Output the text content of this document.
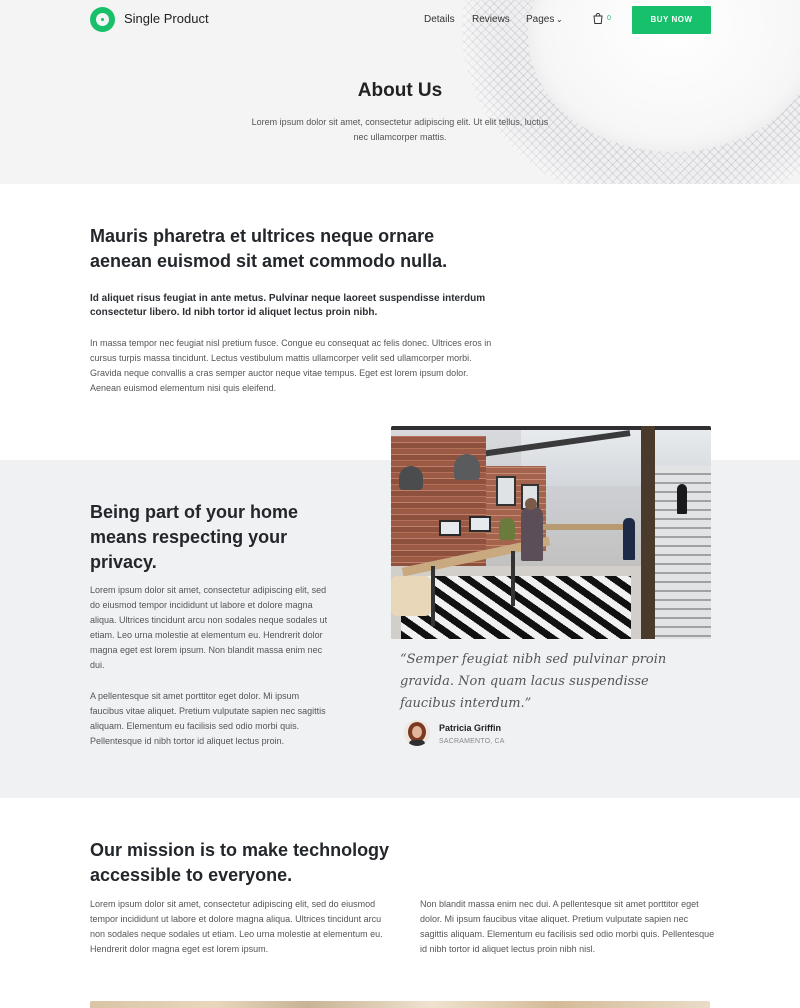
Single Product	Details Reviews Pages ⌄	0	BUY NOW
About Us

Lorem ipsum dolor sit amet, consectetur adipiscing elit. Ut elit tellus, luctus nec ullamcorper mattis.

Mauris pharetra et ultrices neque ornare aenean euismod sit amet commodo nulla.

Id aliquet risus feugiat in ante metus. Pulvinar neque laoreet suspendisse interdum consectetur libero. Id nibh tortor id aliquet lectus proin nibh.

In massa tempor nec feugiat nisl pretium fusce. Congue eu consequat ac felis donec. Ultrices eros in cursus turpis massa tincidunt. Lectus vestibulum mattis ullamcorper velit sed ullamcorper morbi. Gravida neque convallis a cras semper auctor neque vitae tempus. Eget est lorem ipsum dolor. Aenean euismod elementum nisi quis eleifend.

Being part of your home means respecting your privacy.

Lorem ipsum dolor sit amet, consectetur adipiscing elit, sed do eiusmod tempor incididunt ut labore et dolore magna aliqua. Ultrices tincidunt arcu non sodales neque sodales ut etiam. Leo urna molestie at elementum eu. Hendrerit dolor magna eget est lorem ipsum. Non blandit massa enim nec dui.

A pellentesque sit amet porttitor eget dolor. Mi ipsum faucibus vitae aliquet. Pretium vulputate sapien nec sagittis aliquam. Elementum eu facilisis sed odio morbi quis. Pellentesque id nibh tortor id aliquet lectus proin.

“Semper feugiat nibh sed pulvinar proin gravida. Non quam lacus suspendisse faucibus interdum.”
Patricia Griffin
SACRAMENTO, CA
Our mission is to make technology accessible to everyone.

Lorem ipsum dolor sit amet, consectetur adipiscing elit, sed do eiusmod tempor incididunt ut labore et dolore magna aliqua. Ultrices tincidunt arcu non sodales neque sodales ut etiam. Leo urna molestie at elementum eu. Hendrerit dolor magna eget est lorem ipsum.

Non blandit massa enim nec dui. A pellentesque sit amet porttitor eget dolor. Mi ipsum faucibus vitae aliquet. Pretium vulputate sapien nec sagittis aliquam. Elementum eu facilisis sed odio morbi quis. Pellentesque id nibh tortor id aliquet lectus proin nibh nisl.
